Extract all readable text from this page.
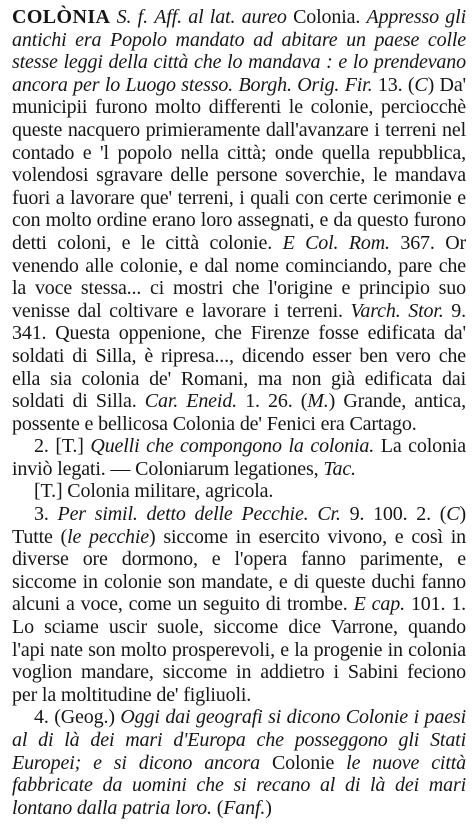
COLÒNIA S. f. Aff. al lat. aureo Colonia. Appresso gli antichi era Popolo mandato ad abitare un paese colle stesse leggi della città che lo mandava : e lo prendevano ancora per lo Luogo stesso. Borgh. Orig. Fir. 13. (C) Da' municipii furono molto differenti le colonie, perciocchè queste nacquero primieramente dall'avanzare i terreni nel contado e 'l popolo nella città; onde quella repubblica, volendosi sgravare delle persone soverchie, le mandava fuori a lavorare que' terreni, i quali con certe cerimonie e con molto ordine erano loro assegnati, e da questo furono detti coloni, e le città colonie. E Col. Rom. 367. Or venendo alle colonie, e dal nome cominciando, pare che la voce stessa... ci mostri che l'origine e principio suo venisse dal coltivare e lavorare i terreni. Varch. Stor. 9. 341. Questa oppenione, che Firenze fosse edificata da' soldati di Silla, è ripresa..., dicendo esser ben vero che ella sia colonia de' Romani, ma non già edificata dai soldati di Silla. Car. Eneid. 1. 26. (M.) Grande, antica, possente e bellicosa Colonia de' Fenici era Cartago.

2. [T.] Quelli che compongono la colonia. La colonia inviò legati. — Coloniarum legationes, Tac.

[T.] Colonia militare, agricola.

3. Per simil. detto delle Pecchie. Cr. 9. 100. 2. (C) Tutte (le pecchie) siccome in esercito vivono, e così in diverse ore dormono, e l'opera fanno parimente, e siccome in colonie son mandate, e di queste duchi fanno alcuni a voce, come un seguito di trombe. E cap. 101. 1. Lo sciame uscir suole, siccome dice Varrone, quando l'api nate son molto prosperevoli, e la progenie in colonia voglion mandare, siccome in addietro i Sabini feciono per la moltitudine de' figliuoli.

4. (Geog.) Oggi dai geografi si dicono Colonie i paesi al di là dei mari d'Europa che posseggono gli Stati Europei; e si dicono ancora Colonie le nuove città fabbricate da uomini che si recano al di là dei mari lontano dalla patria loro. (Fanf.)
